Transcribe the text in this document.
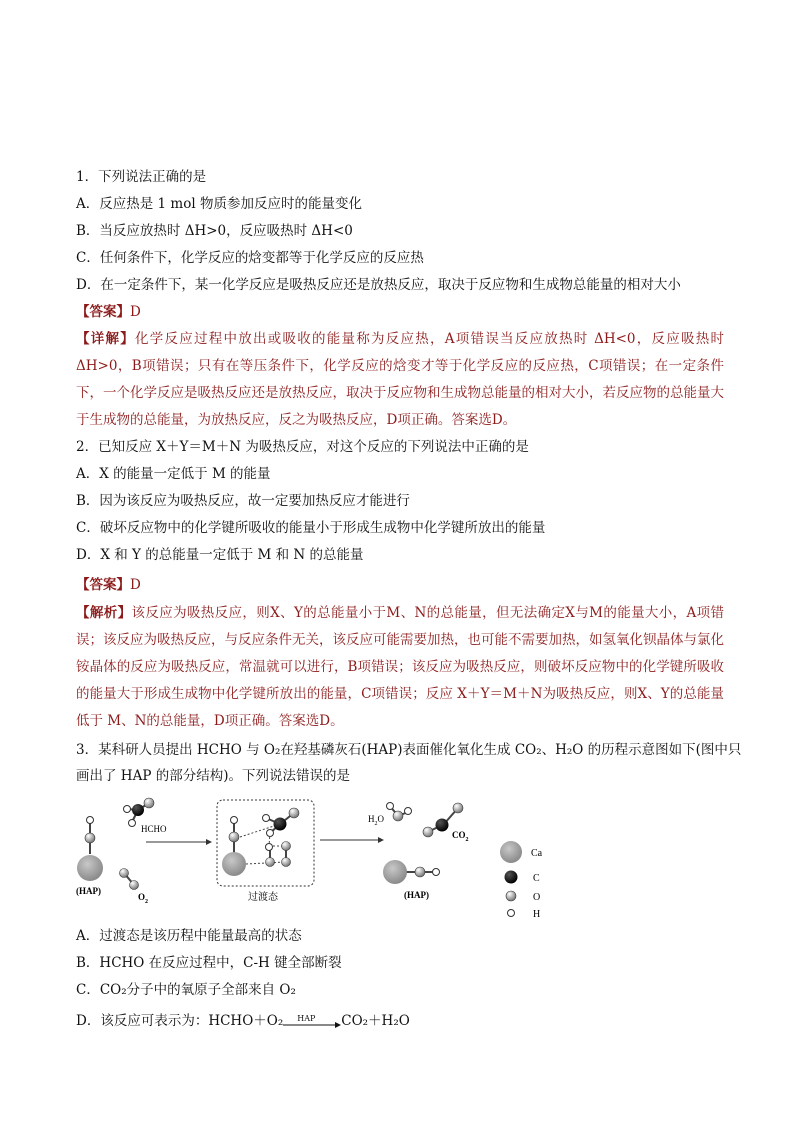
1．下列说法正确的是
A．反应热是 1 mol 物质参加反应时的能量变化
B．当反应放热时 ΔH>0，反应吸热时 ΔH<0
C．任何条件下，化学反应的焓变都等于化学反应的反应热
D．在一定条件下，某一化学反应是吸热反应还是放热反应，取决于反应物和生成物总能量的相对大小
【答案】D
【详解】化学反应过程中放出或吸收的能量称为反应热，A项错误当反应放热时 ΔH<0，反应吸热时 ΔH>0，B项错误；只有在等压条件下，化学反应的焓变才等于化学反应的反应热，C项错误；在一定条件下，一个化学反应是吸热反应还是放热反应，取决于反应物和生成物总能量的相对大小，若反应物的总能量大于生成物的总能量，为放热反应，反之为吸热反应，D项正确。答案选D。
2．已知反应 X＋Y＝M＋N 为吸热反应，对这个反应的下列说法中正确的是
A．X 的能量一定低于 M 的能量
B．因为该反应为吸热反应，故一定要加热反应才能进行
C．破坏反应物中的化学键所吸收的能量小于形成生成物中化学键所放出的能量
D．X 和 Y 的总能量一定低于 M 和 N 的总能量
【答案】D
【解析】该反应为吸热反应，则X、Y的总能量小于M、N的总能量，但无法确定X与M的能量大小，A项错误；该反应为吸热反应，与反应条件无关，该反应可能需要加热，也可能不需要加热，如氢氧化钡晶体与氯化铵晶体的反应为吸热反应，常温就可以进行，B项错误；该反应为吸热反应，则破坏反应物中的化学键所吸收的能量大于形成生成物中化学键所放出的能量，C项错误；反应 X＋Y＝M＋N为吸热反应，则X、Y的总能量低于 M、N的总能量，D项正确。答案选D。
3．某科研人员提出 HCHO 与 O₂在羟基磷灰石(HAP)表面催化氧化生成 CO₂、H₂O 的历程示意图如下(图中只
画出了 HAP 的部分结构)。下列说法错误的是
(HAP)
HCHO
$O_2$	过渡态
$H_2O$
$CO_2$
(HAP)
Ca
C
O
H
A．过渡态是该历程中能量最高的状态
B．HCHO 在反应过程中，C-H 键全部断裂
C．CO₂分子中的氧原子全部来自 O₂
D．该反应可表示为：HCHO＋O₂ HAP CO₂＋H₂O
